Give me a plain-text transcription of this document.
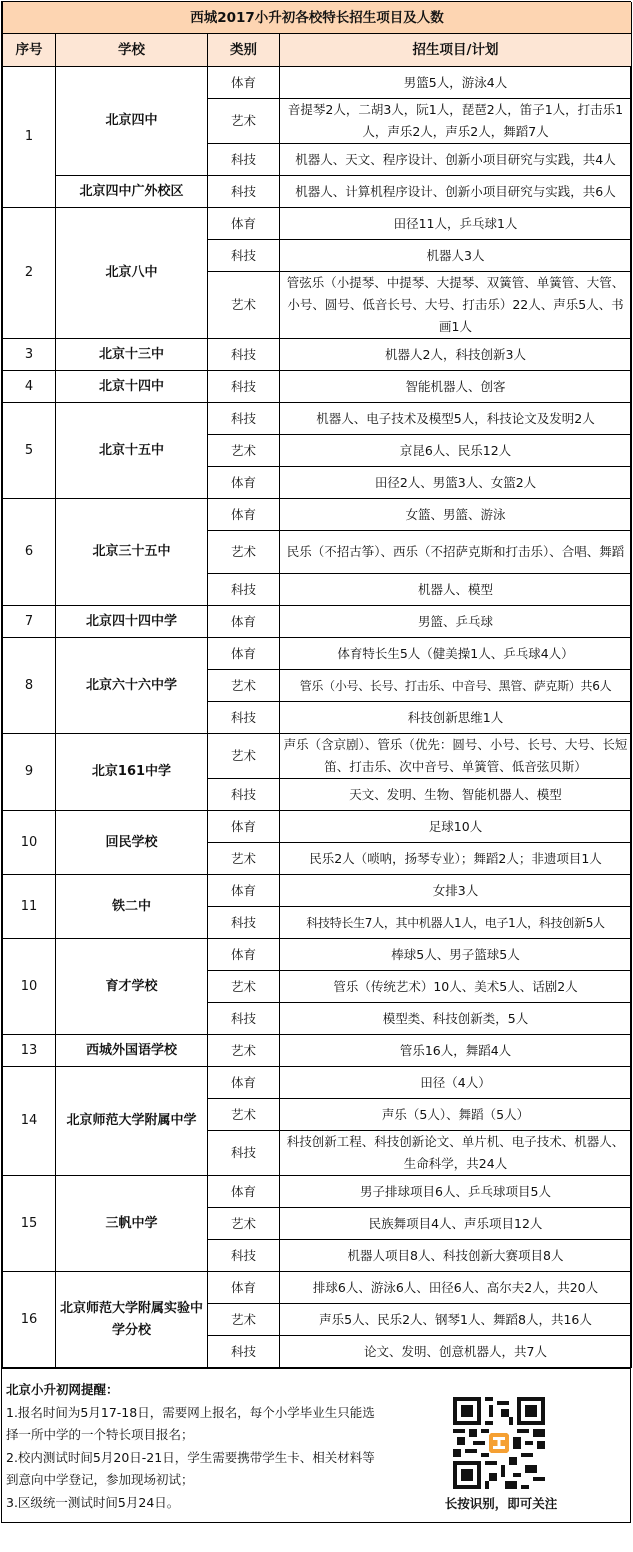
西城2017小升初各校特长招生项目及人数			
序号	学校	类别	招生项目/计划
1	北京四中	体育	男篮5人，游泳4人
		艺术	音提琴2人，二胡3人，阮1人，琵琶2人，笛子1人，打击乐1人，声乐2人，声乐2人，舞蹈7人
		科技	机器人、天文、程序设计、创新小项目研究与实践，共4人
	北京四中广外校区	科技	机器人、计算机程序设计、创新小项目研究与实践，共6人
2	北京八中	体育	田径11人，乒乓球1人
		科技	机器人3人
		艺术	管弦乐（小提琴、中提琴、大提琴、双簧管、单簧管、大管、小号、圆号、低音长号、大号、打击乐）22人、声乐5人、书画1人
3	北京十三中	科技	机器人2人，科技创新3人
4	北京十四中	科技	智能机器人、创客
5	北京十五中	科技	机器人、电子技术及模型5人，科技论文及发明2人
		艺术	京昆6人、民乐12人
		体育	田径2人、男篮3人、女篮2人
6	北京三十五中	体育	女篮、男篮、游泳
		艺术	民乐（不招古筝）、西乐（不招萨克斯和打击乐）、合唱、舞蹈
		科技	机器人、模型
7	北京四十四中学	体育	男篮、乒乓球
8	北京六十六中学	体育	体育特长生5人（健美操1人、乒乓球4人）
		艺术	管乐（小号、长号、打击乐、中音号、黑管、萨克斯）共6人
		科技	科技创新思维1人
9	北京161中学	艺术	声乐（含京剧）、管乐（优先：圆号、小号、长号、大号、长短笛、打击乐、次中音号、单簧管、低音弦贝斯）
		科技	天文、发明、生物、智能机器人、模型
10	回民学校	体育	足球10人
		艺术	民乐2人（唢呐，扬琴专业）；舞蹈2人；非遗项目1人
11	铁二中	体育	女排3人
		科技	科技特长生7人，其中机器人1人，电子1人，科技创新5人
10	育才学校	体育	棒球5人、男子篮球5人
		艺术	管乐（传统艺术）10人、美术5人、话剧2人
		科技	模型类、科技创新类，5人
13	西城外国语学校	艺术	管乐16人，舞蹈4人
14	北京师范大学附属中学	体育	田径（4人）
		艺术	声乐（5人）、舞蹈（5人）
		科技	科技创新工程、科技创新论文、单片机、电子技术、机器人、生命科学，共24人
15	三帆中学	体育	男子排球项目6人、乒乓球项目5人
		艺术	民族舞项目4人、声乐项目12人
		科技	机器人项目8人、科技创新大赛项目8人
16	北京师范大学附属实验中学分校	体育	排球6人、游泳6人、田径6人、高尔夫2人，共20人
		艺术	声乐5人、民乐2人、钢琴1人、舞蹈8人，共16人
		科技	论文、发明、创意机器人，共7人
北京小升初网提醒：
1.报名时间为5月17-18日，需要网上报名，每个小学毕业生只能选择一所中学的一个特长项目报名；
2.校内测试时间5月20日-21日，学生需要携带学生卡、相关材料等到意向中学登记，参加现场初试；
3.区级统一测试时间5月24日。	长按识别，即可关注
